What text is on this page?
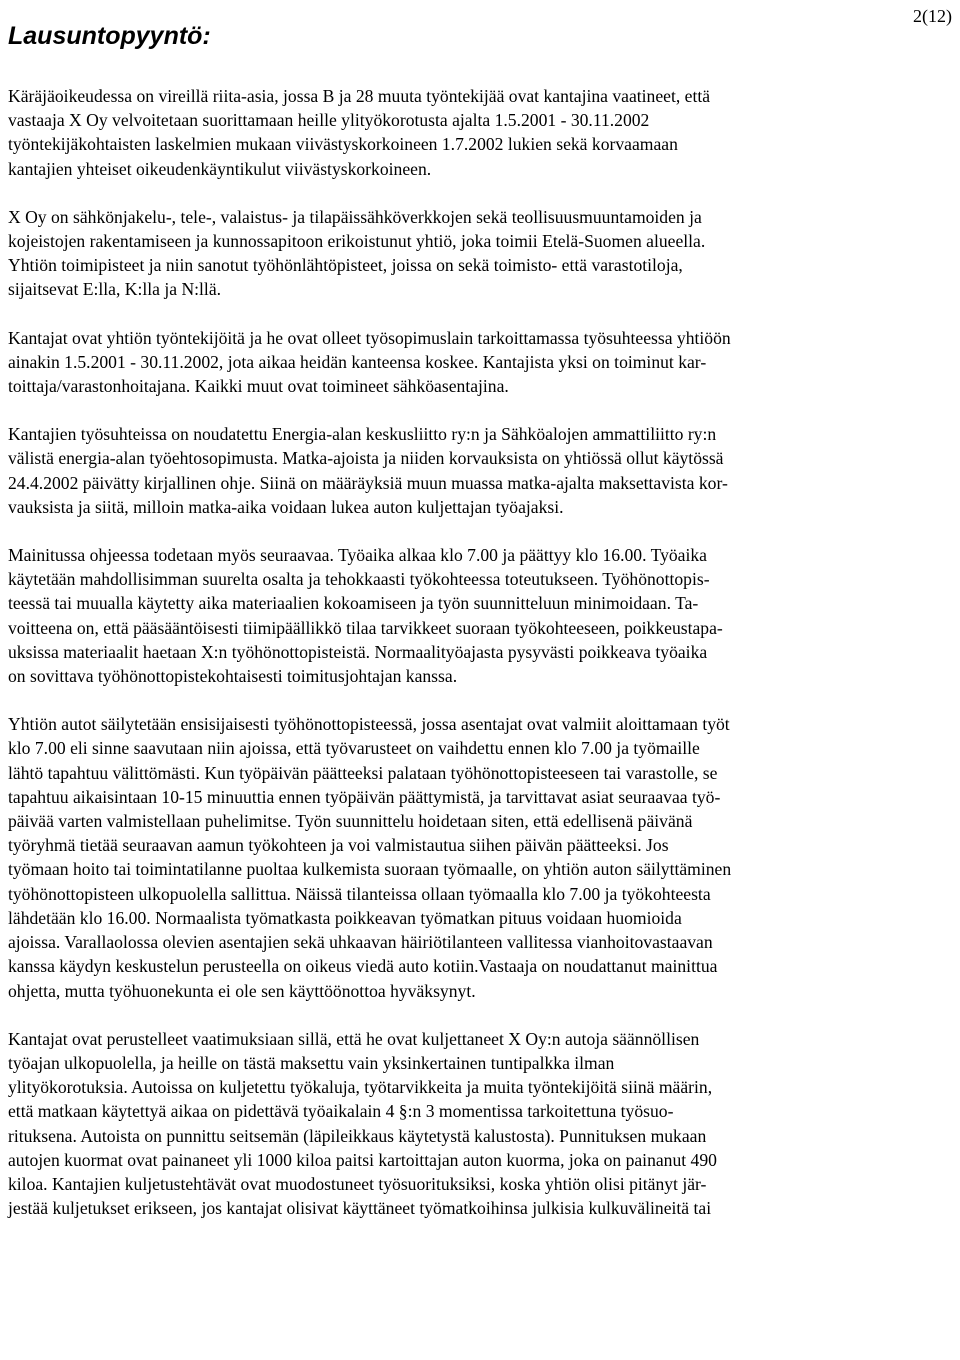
Lausuntopyyntö:
2(12)

Käräjäoikeudessa on vireillä riita-asia, jossa B ja 28 muuta työntekijää ovat kantajina vaatineet, että
vastaaja X Oy velvoitetaan suorittamaan heille ylityökorotusta ajalta 1.5.2001 - 30.11.2002
työntekijäkohtaisten laskelmien mukaan viivästyskorkoineen 1.7.2002 lukien sekä korvaamaan
kantajien yhteiset oikeudenkäyntikulut viivästyskorkoineen.

X Oy on sähkönjakelu-, tele-, valaistus- ja tilapäissähköverkkojen sekä teollisuusmuuntamoiden ja
kojeistojen rakentamiseen ja kunnossapitoon erikoistunut yhtiö, joka toimii Etelä-Suomen alueella.
Yhtiön toimipisteet ja niin sanotut työhönlähtöpisteet, joissa on sekä toimisto- että varastotiloja,
sijaitsevat E:lla, K:lla ja N:llä.

Kantajat ovat yhtiön työntekijöitä ja he ovat olleet työsopimuslain tarkoittamassa työsuhteessa yhtiöön
ainakin 1.5.2001 - 30.11.2002, jota aikaa heidän kanteensa koskee. Kantajista yksi on toiminut kar-
toittaja/varastonhoitajana. Kaikki muut ovat toimineet sähköasentajina.

Kantajien työsuhteissa on noudatettu Energia-alan keskusliitto ry:n ja Sähköalojen ammattiliitto ry:n
välistä energia-alan työehtosopimusta. Matka-ajoista ja niiden korvauksista on yhtiössä ollut käytössä
24.4.2002 päivätty kirjallinen ohje. Siinä on määräyksiä muun muassa matka-ajalta maksettavista kor-
vauksista ja siitä, milloin matka-aika voidaan lukea auton kuljettajan työajaksi.

Mainitussa ohjeessa todetaan myös seuraavaa. Työaika alkaa klo 7.00 ja päättyy klo 16.00. Työaika
käytetään mahdollisimman suurelta osalta ja tehokkaasti työkohteessa toteutukseen. Työhönottopis-
teessä tai muualla käytetty aika materiaalien kokoamiseen ja työn suunnitteluun minimoidaan. Ta-
voitteena on, että pääsääntöisesti tiimipäällikkö tilaa tarvikkeet suoraan työkohteeseen, poikkeustapa-
uksissa materiaalit haetaan X:n työhönottopisteistä. Normaalityöajasta pysyvästi poikkeava työaika
on sovittava työhönottopistekohtaisesti toimitusjohtajan kanssa.

Yhtiön autot säilytetään ensisijaisesti työhönottopisteessä, jossa asentajat ovat valmiit aloittamaan työt
klo 7.00 eli sinne saavutaan niin ajoissa, että työvarusteet on vaihdettu ennen klo 7.00 ja työmaille
lähtö tapahtuu välittömästi. Kun työpäivän päätteeksi palataan työhönottopisteeseen tai varastolle, se
tapahtuu aikaisintaan 10-15 minuuttia ennen työpäivän päättymistä, ja tarvittavat asiat seuraavaa työ-
päivää varten valmistellaan puhelimitse. Työn suunnittelu hoidetaan siten, että edellisenä päivänä
työryhmä tietää seuraavan aamun työkohteen ja voi valmistautua siihen päivän päätteeksi. Jos
työmaan hoito tai toimintatilanne puoltaa kulkemista suoraan työmaalle, on yhtiön auton säilyttäminen
työhönottopisteen ulkopuolella sallittua. Näissä tilanteissa ollaan työmaalla klo 7.00 ja työkohteesta
lähdetään klo 16.00. Normaalista työmatkasta poikkeavan työmatkan pituus voidaan huomioida
ajoissa. Varallaolossa olevien asentajien sekä uhkaavan häiriötilanteen vallitessa vianhoitovastaavan
kanssa käydyn keskustelun perusteella on oikeus viedä auto kotiin.Vastaaja on noudattanut mainittua
ohjetta, mutta työhuonekunta ei ole sen käyttöönottoa hyväksynyt.

Kantajat ovat perustelleet vaatimuksiaan sillä, että he ovat kuljettaneet X Oy:n autoja säännöllisen
työajan ulkopuolella, ja heille on tästä maksettu vain yksinkertainen tuntipalkka ilman
ylityökorotuksia. Autoissa on kuljetettu työkaluja, työtarvikkeita ja muita työntekijöitä siinä määrin,
että matkaan käytettyä aikaa on pidettävä työaikalain 4 §:n 3 momentissa tarkoitettuna työsuo-
rituksena. Autoista on punnittu seitsemän (läpileikkaus käytetystä kalustosta). Punnituksen mukaan
autojen kuormat ovat painaneet yli 1000 kiloa paitsi kartoittajan auton kuorma, joka on painanut 490
kiloa. Kantajien kuljetustehtävät ovat muodostuneet työsuorituksiksi, koska yhtiön olisi pitänyt jär-
jestää kuljetukset erikseen, jos kantajat olisivat käyttäneet työmatkoihinsa julkisia kulkuvälineitä tai
